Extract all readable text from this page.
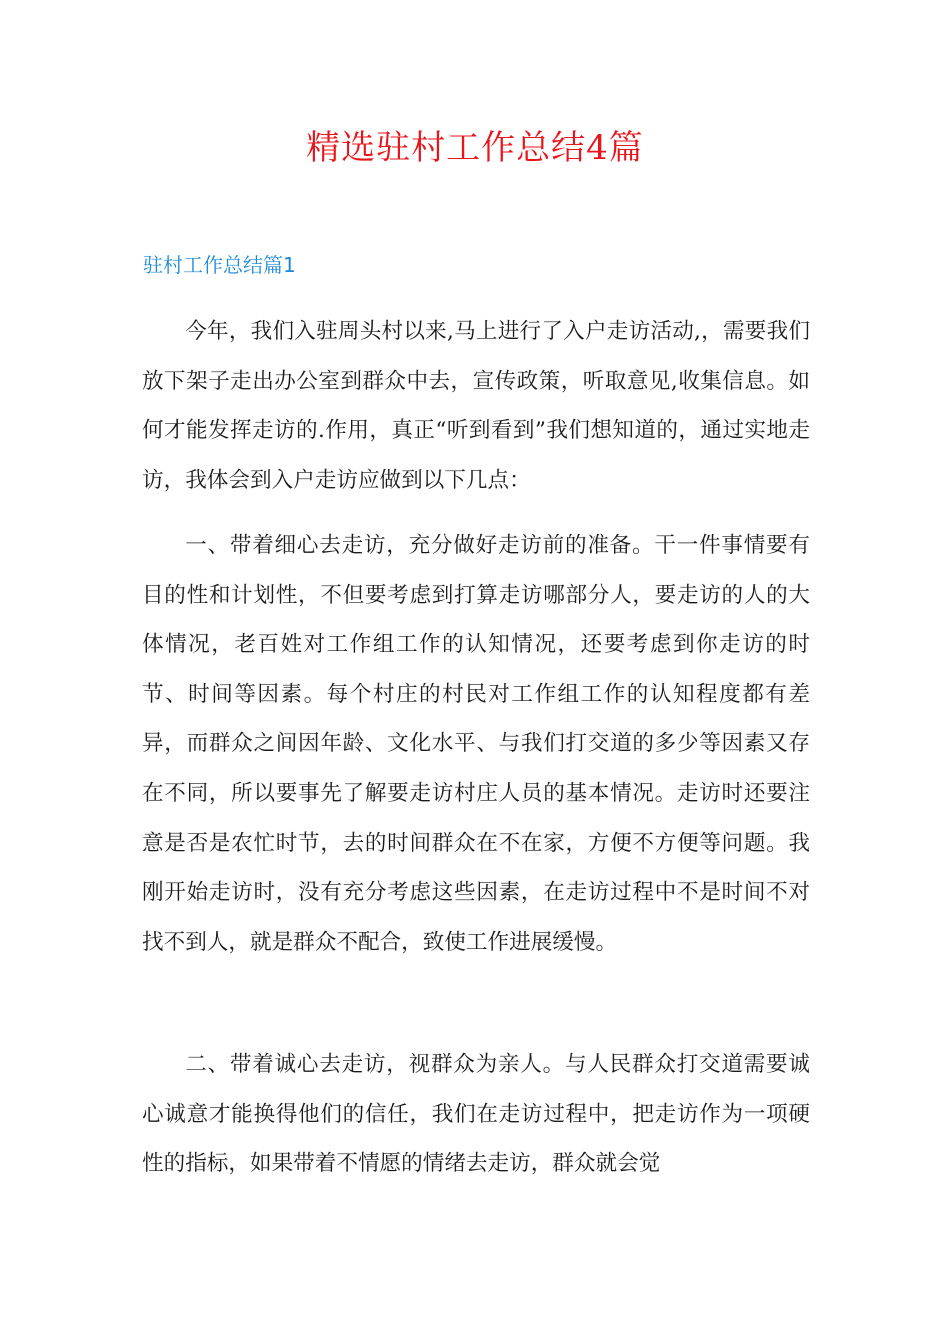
精选驻村工作总结4篇
驻村工作总结篇1

今年，我们入驻周头村以来,马上进行了入户走访活动,，需要我们放下架子走出办公室到群众中去，宣传政策，听取意见,收集信息。如何才能发挥走访的.作用，真正“听到看到”我们想知道的，通过实地走访，我体会到入户走访应做到以下几点：

一、带着细心去走访，充分做好走访前的准备。干一件事情要有目的性和计划性，不但要考虑到打算走访哪部分人，要走访的人的大体情况，老百姓对工作组工作的认知情况，还要考虑到你走访的时节、时间等因素。每个村庄的村民对工作组工作的认知程度都有差异，而群众之间因年龄、文化水平、与我们打交道的多少等因素又存在不同，所以要事先了解要走访村庄人员的基本情况。走访时还要注意是否是农忙时节，去的时间群众在不在家，方便不方便等问题。我刚开始走访时，没有充分考虑这些因素，在走访过程中不是时间不对找不到人，就是群众不配合，致使工作进展缓慢。

二、带着诚心去走访，视群众为亲人。与人民群众打交道需要诚心诚意才能换得他们的信任，我们在走访过程中，把走访作为一项硬性的指标，如果带着不情愿的情绪去走访，群众就会觉
